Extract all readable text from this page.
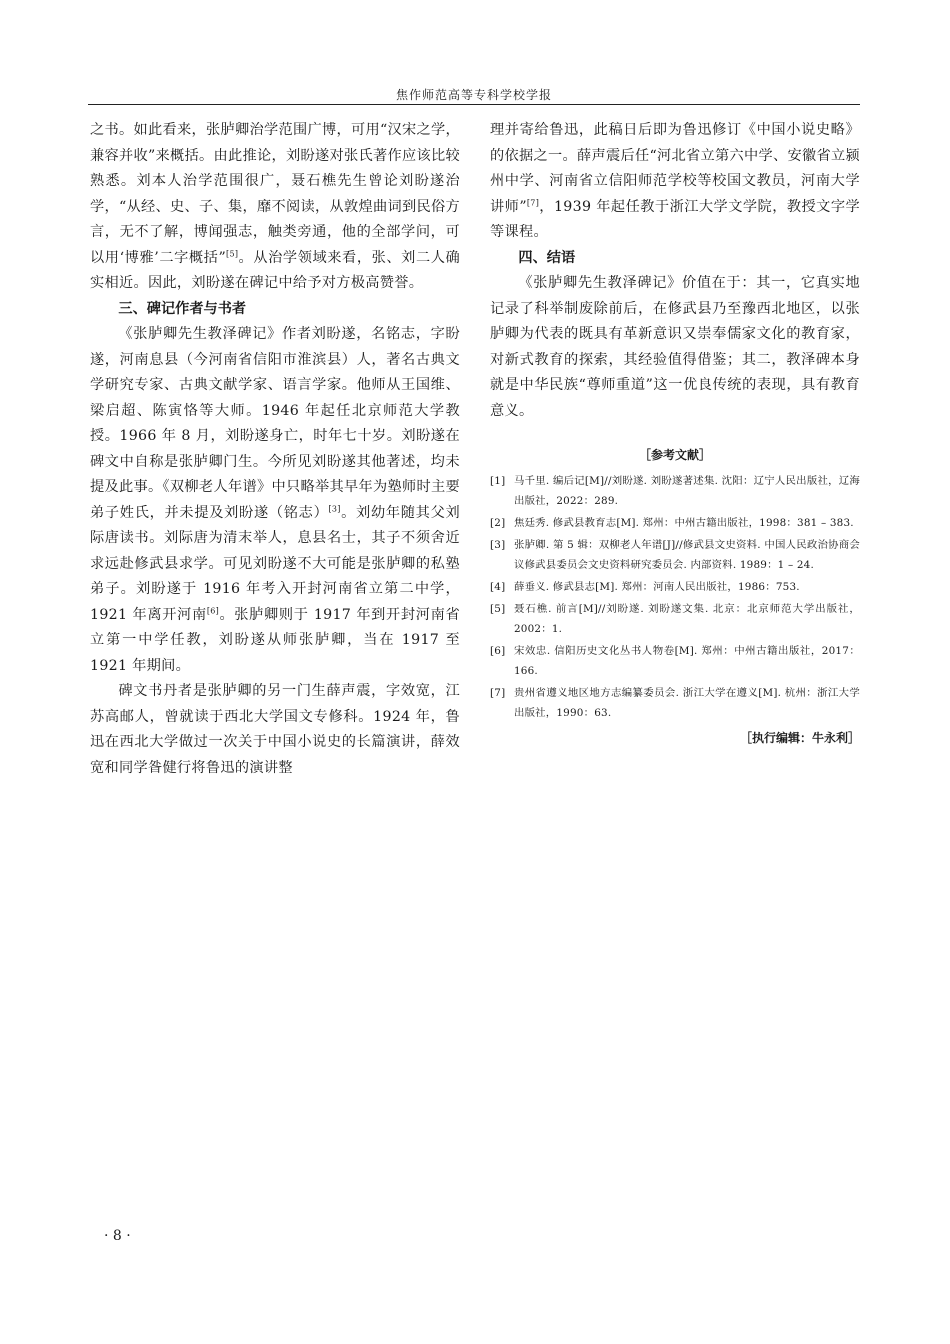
焦作师范高等专科学校学报

之书。如此看来，张胪卿治学范围广博，可用“汉宋之学，兼容并收”来概括。由此推论，刘盼遂对张氏著作应该比较熟悉。刘本人治学范围很广，聂石樵先生曾论刘盼遂治学，“从经、史、子、集，靡不阅读，从敦煌曲词到民俗方言，无不了解，博闻强志，触类旁通，他的全部学问，可以用‘博雅’二字概括”[5]。从治学领域来看，张、刘二人确实相近。因此，刘盼遂在碑记中给予对方极高赞誉。

三、碑记作者与书者

《张胪卿先生教泽碑记》作者刘盼遂，名铭志，字盼遂，河南息县（今河南省信阳市淮滨县）人，著名古典文学研究专家、古典文献学家、语言学家。他师从王国维、梁启超、陈寅恪等大师。1946 年起任北京师范大学教授。1966 年 8 月，刘盼遂身亡，时年七十岁。刘盼遂在碑文中自称是张胪卿门生。今所见刘盼遂其他著述，均未提及此事。《双柳老人年谱》中只略举其早年为塾师时主要弟子姓氏，并未提及刘盼遂（铭志）[3]。刘幼年随其父刘际唐读书。刘际唐为清末举人，息县名士，其子不须舍近求远赴修武县求学。可见刘盼遂不大可能是张胪卿的私塾弟子。刘盼遂于 1916 年考入开封河南省立第二中学，1921 年离开河南[6]。张胪卿则于 1917 年到开封河南省立第一中学任教，刘盼遂从师张胪卿，当在 1917 至 1921 年期间。

碑文书丹者是张胪卿的另一门生薛声震，字效宽，江苏高邮人，曾就读于西北大学国文专修科。1924 年，鲁迅在西北大学做过一次关于中国小说史的长篇演讲，薛效宽和同学昝健行将鲁迅的演讲整

理并寄给鲁迅，此稿日后即为鲁迅修订《中国小说史略》的依据之一。薛声震后任“河北省立第六中学、安徽省立颍州中学、河南省立信阳师范学校等校国文教员，河南大学讲师”[7]，1939 年起任教于浙江大学文学院，教授文字学等课程。

四、结语

《张胪卿先生教泽碑记》价值在于：其一，它真实地记录了科举制废除前后，在修武县乃至豫西北地区，以张胪卿为代表的既具有革新意识又崇奉儒家文化的教育家，对新式教育的探索，其经验值得借鉴；其二，教泽碑本身就是中华民族“尊师重道”这一优良传统的表现，具有教育意义。

［参考文献］
[1] 马千里. 编后记[M]//刘盼遂. 刘盼遂著述集. 沈阳：辽宁人民出版社，辽海出版社，2022：289.
[2] 焦廷秀. 修武县教育志[M]. 郑州：中州古籍出版社，1998：381 – 383.
[3] 张胪卿. 第 5 辑：双柳老人年谱[J]//修武县文史资料. 中国人民政治协商会议修武县委员会文史资料研究委员会. 内部资料. 1989：1 – 24.
[4] 薛垂义. 修武县志[M]. 郑州：河南人民出版社，1986：753.
[5] 聂石樵. 前言[M]//刘盼遂. 刘盼遂文集. 北京：北京师范大学出版社，2002：1.
[6] 宋效忠. 信阳历史文化丛书人物卷[M]. 郑州：中州古籍出版社，2017：166.
[7] 贵州省遵义地区地方志编纂委员会. 浙江大学在遵义[M]. 杭州：浙江大学出版社，1990：63.
［执行编辑：牛永利］
· 8 ·
